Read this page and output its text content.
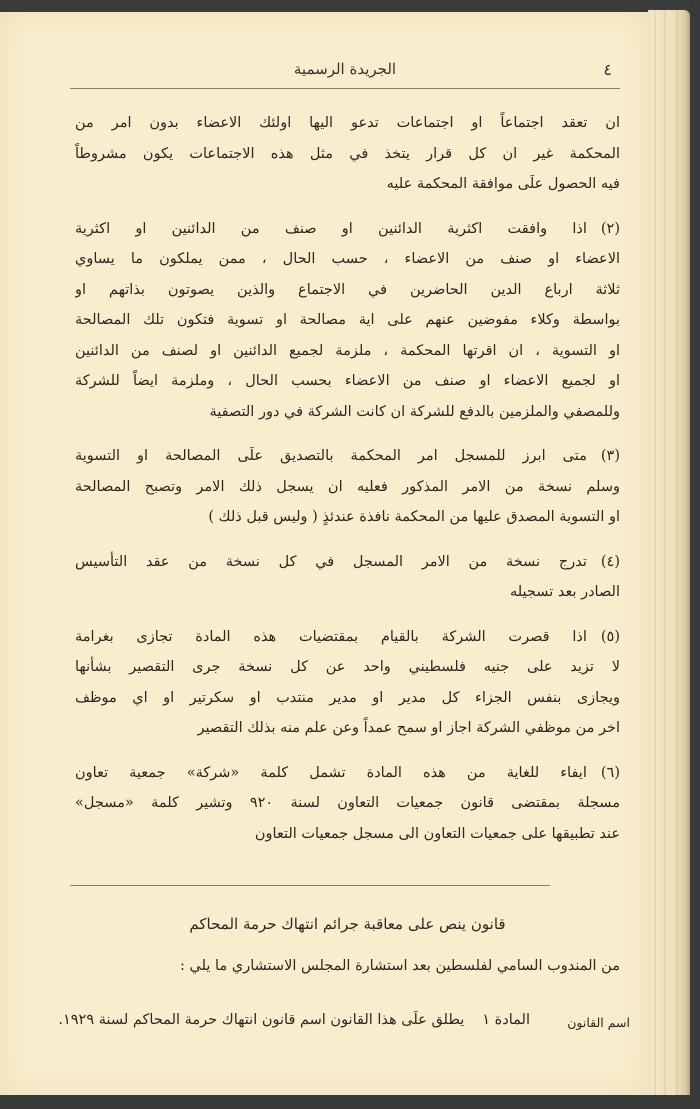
٤
الجريدة الرسمية
ان تعقد اجتماعاً او اجتماعات تدعو اليها اولئك الاعضاء بدون امر من
المحكمة غير ان كل قرار يتخذ في مثل هذه الاجتماعات يكون مشروطاً
فيه الحصول علَى موافقة المحكمة عليه
(٢)اذا وافقت اكثرية الدائنين او صنف من الدائنين او اكثرية
الاعضاء او صنف من الاعضاء ، حسب الحال ، ممن يملكون ما يساوي
ثلاثة ارباع الدين الحاضرين في الاجتماع والذين يصوتون بذاتهم او
بواسطة وكلاء مفوضين عنهم على اية مصالحة او تسوية فتكون تلك المصالحة
او التسوية ، ان اقرتها المحكمة ، ملزمة لجميع الدائنين او لصنف من الدائنين
او لجميع الاعضاء او صنف من الاعضاء بحسب الحال ، وملزمة ايضاً للشركة
وللمصفي والملزمين بالدفع للشركة ان كانت الشركة في دور التصفية
(٣)متى ابرز للمسجل امر المحكمة بالتصديق علَى المصالحة او التسوية
وسلم نسخة من الامر المذكور فعليه ان يسجل ذلك الامر وتصبح المصالحة
او التسوية المصدق عليها من المحكمة نافذة عندئذٍ ( وليس قبل ذلك )
(٤)تدرج نسخة من الامر المسجل في كل نسخة من عقد التأسيس
الصادر بعد تسجيله
(٥)اذا قصرت الشركة بالقيام بمقتضيات هذه المادة تجازى بغرامة
لا تزيد على جنيه فلسطيني واحد عن كل نسخة جرى التقصير بشأنها
ويجازى بنفس الجزاء كل مدير او مدير منتدب او سكرتير او اي موظف
اخر من موظفي الشركة اجاز او سمح عمداً وعن علم منه بذلك التقصير
(٦)ايفاء للغاية من هذه المادة تشمل كلمة «شركة» جمعية تعاون
مسجلة بمقتضى قانون جمعيات التعاون لسنة ٩٢٠ وتشير كلمة «مسجل»
عند تطبيقها على جمعيات التعاون الى مسجل جمعيات التعاون
قانون ينص على معاقبة جرائم انتهاك حرمة المحاكم
من المندوب السامي لفلسطين بعد استشارة المجلس الاستشاري ما يلي :
اسم القانون
المادة ١يطلق علَى هذا القانون اسم قانون انتهاك حرمة المحاكم لسنة ١٩٢٩.
